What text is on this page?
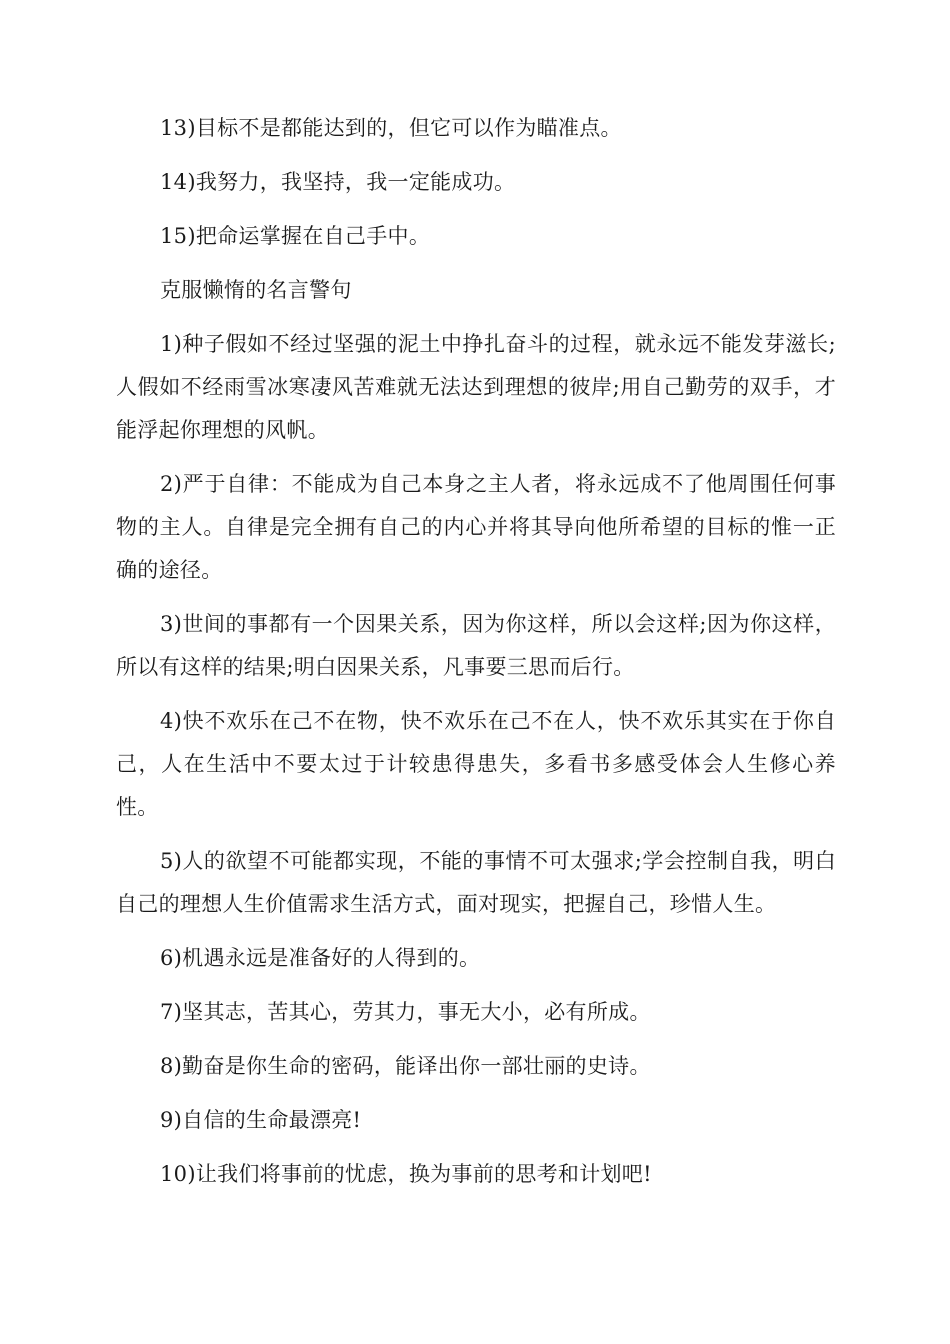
13)目标不是都能达到的，但它可以作为瞄准点。

14)我努力，我坚持，我一定能成功。

15)把命运掌握在自己手中。

克服懒惰的名言警句

1)种子假如不经过坚强的泥土中挣扎奋斗的过程，就永远不能发芽滋长;人假如不经雨雪冰寒凄风苦难就无法达到理想的彼岸;用自己勤劳的双手，才能浮起你理想的风帆。

2)严于自律：不能成为自己本身之主人者，将永远成不了他周围任何事物的主人。自律是完全拥有自己的内心并将其导向他所希望的目标的惟一正确的途径。

3)世间的事都有一个因果关系，因为你这样，所以会这样;因为你这样，所以有这样的结果;明白因果关系，凡事要三思而后行。

4)快不欢乐在己不在物，快不欢乐在己不在人，快不欢乐其实在于你自己，人在生活中不要太过于计较患得患失，多看书多感受体会人生修心养性。

5)人的欲望不可能都实现，不能的事情不可太强求;学会控制自我，明白自己的理想人生价值需求生活方式，面对现实，把握自己，珍惜人生。

6)机遇永远是准备好的人得到的。

7)坚其志，苦其心，劳其力，事无大小，必有所成。

8)勤奋是你生命的密码，能译出你一部壮丽的史诗。

9)自信的生命最漂亮!

10)让我们将事前的忧虑，换为事前的思考和计划吧!
